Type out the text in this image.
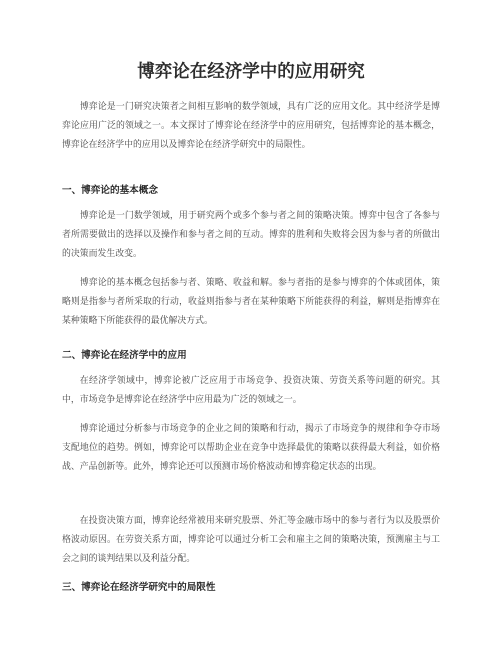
博弈论在经济学中的应用研究
博弈论是一门研究决策者之间相互影响的数学领域，具有广泛的应用文化。其中经济学是博弈论应用广泛的领域之一。本文探讨了博弈论在经济学中的应用研究，包括博弈论的基本概念，博弈论在经济学中的应用以及博弈论在经济学研究中的局限性。
一、博弈论的基本概念
博弈论是一门数学领域，用于研究两个或多个参与者之间的策略决策。博弈中包含了各参与者所需要做出的选择以及操作和参与者之间的互动。博弈的胜利和失败将会因为参与者的所做出的决策而发生改变。
博弈论的基本概念包括参与者、策略、收益和解。参与者指的是参与博弈的个体或团体，策略则是指参与者所采取的行动，收益则指参与者在某种策略下所能获得的利益，解则是指博弈在某种策略下所能获得的最优解决方式。
二、博弈论在经济学中的应用
在经济学领域中，博弈论被广泛应用于市场竞争、投资决策、劳资关系等问题的研究。其中，市场竞争是博弈论在经济学中应用最为广泛的领域之一。
博弈论通过分析参与市场竞争的企业之间的策略和行动，揭示了市场竞争的规律和争夺市场支配地位的趋势。例如，博弈论可以帮助企业在竞争中选择最优的策略以获得最大利益，如价格战、产品创新等。此外，博弈论还可以预测市场价格波动和博弈稳定状态的出现。
在投资决策方面，博弈论经常被用来研究股票、外汇等金融市场中的参与者行为以及股票价格波动原因。在劳资关系方面，博弈论可以通过分析工会和雇主之间的策略决策，预测雇主与工会之间的谈判结果以及利益分配。
三、博弈论在经济学研究中的局限性
